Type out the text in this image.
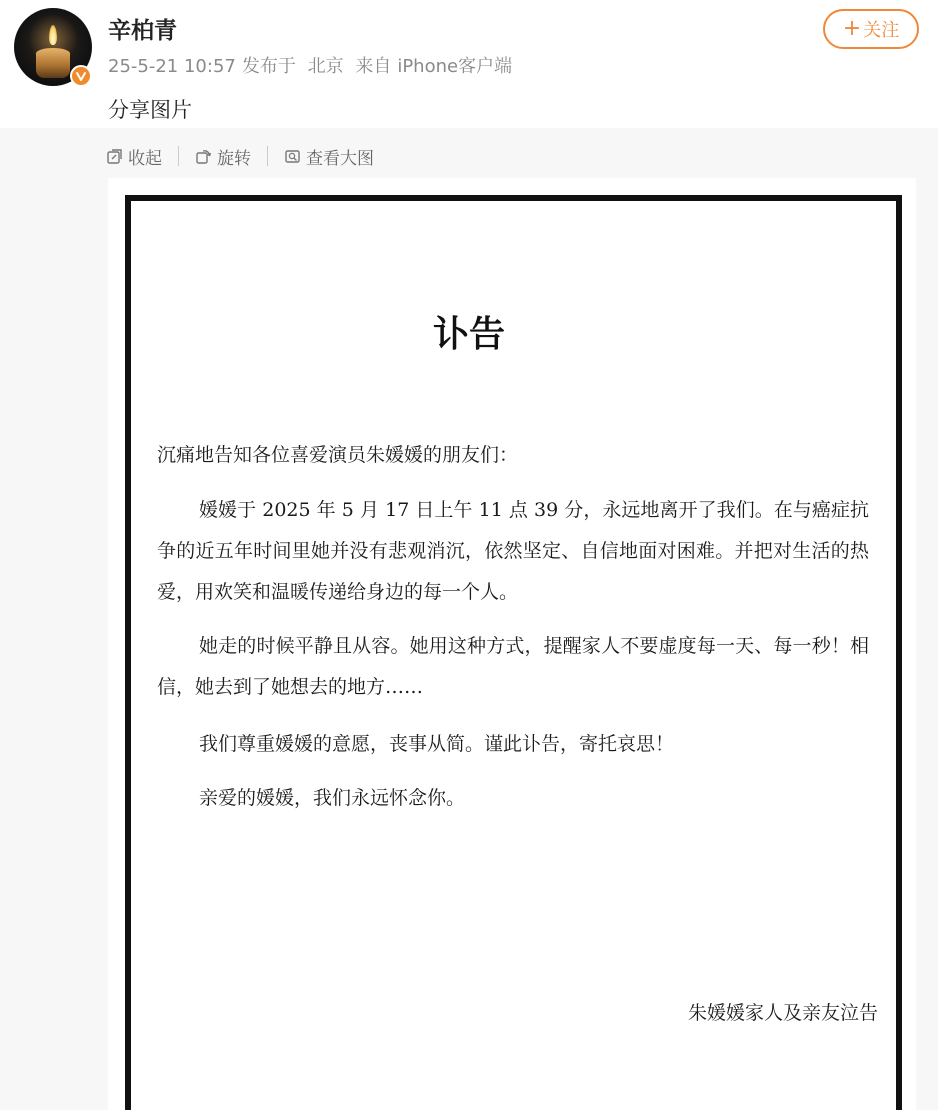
辛柏青
25-5-21 10:57 发布于 北京 来自 iPhone客户端
+ 关注
分享图片
收起	旋转	查看大图
讣告
沉痛地告知各位喜爱演员朱媛媛的朋友们：
媛媛于 2025 年 5 月 17 日上午 11 点 39 分，永远地离开了我们。在与癌症抗争的近五年时间里她并没有悲观消沉，依然坚定、自信地面对困难。并把对生活的热爱，用欢笑和温暖传递给身边的每一个人。
她走的时候平静且从容。她用这种方式，提醒家人不要虚度每一天、每一秒！相信，她去到了她想去的地方……
我们尊重媛媛的意愿，丧事从简。谨此讣告，寄托哀思！
亲爱的媛媛，我们永远怀念你。
朱媛媛家人及亲友泣告
